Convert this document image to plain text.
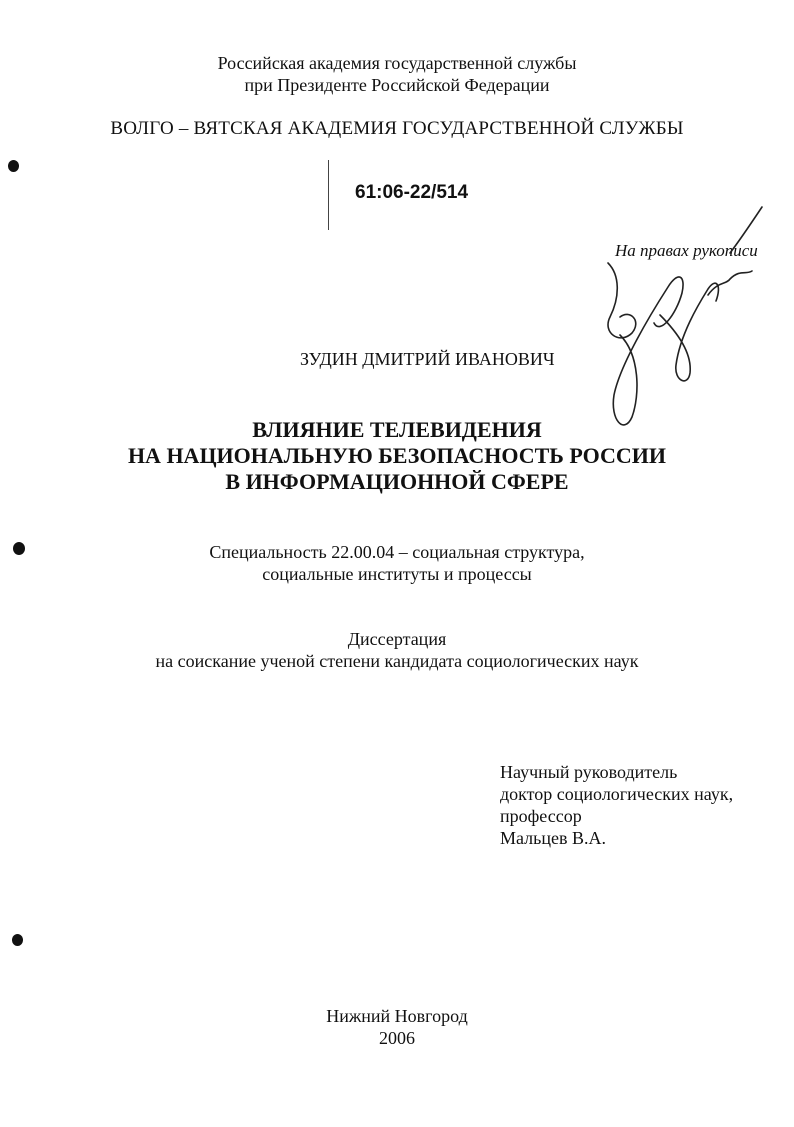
Российская академия государственной службы
при Президенте Российской Федерации
ВОЛГО – ВЯТСКАЯ АКАДЕМИЯ ГОСУДАРСТВЕННОЙ СЛУЖБЫ
61:06-22/514
На правах рукописи
ЗУДИН ДМИТРИЙ ИВАНОВИЧ
ВЛИЯНИЕ ТЕЛЕВИДЕНИЯ
НА НАЦИОНАЛЬНУЮ БЕЗОПАСНОСТЬ РОССИИ
В ИНФОРМАЦИОННОЙ СФЕРЕ
Специальность 22.00.04 – социальная структура,
социальные институты и процессы
Диссертация
на соискание ученой степени кандидата социологических наук
Научный руководитель
доктор социологических наук,
профессор
Мальцев В.А.
Нижний Новгород
2006
